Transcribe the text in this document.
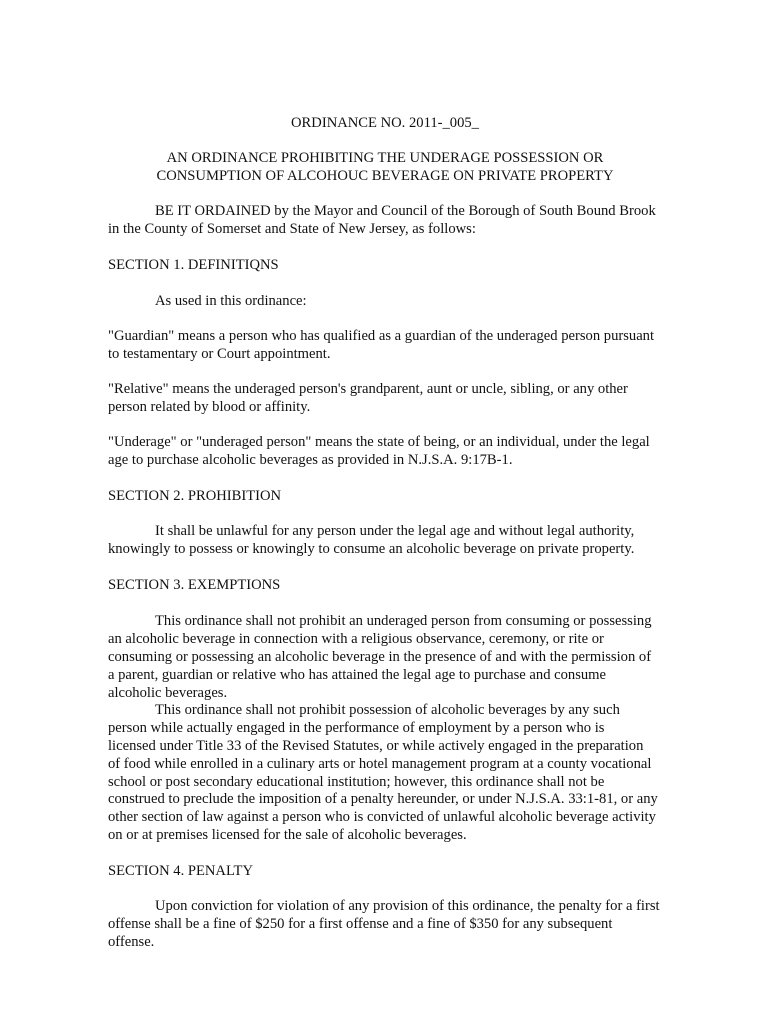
ORDINANCE NO. 2011-_005_

AN ORDINANCE PROHIBITING THE UNDERAGE POSSESSION OR

CONSUMPTION OF ALCOHOUC BEVERAGE ON PRIVATE PROPERTY

BE IT ORDAINED by the Mayor and Council of the Borough of South Bound Brook

in the County of Somerset and State of New Jersey, as follows:

SECTION 1. DEFINITIQNS

As used in this ordinance:

"Guardian" means a person who has qualified as a guardian of the underaged person pursuant

to testamentary or Court appointment.

"Relative" means the underaged person's grandparent, aunt or uncle, sibling, or any other

person related by blood or affinity.

"Underage" or "underaged person" means the state of being, or an individual, under the legal

age to purchase alcoholic beverages as provided in N.J.S.A. 9:17B-1.

SECTION 2. PROHIBITION

It shall be unlawful for any person under the legal age and without legal authority,

knowingly to possess or knowingly to consume an alcoholic beverage on private property.

SECTION 3. EXEMPTIONS

This ordinance shall not prohibit an underaged person from consuming or possessing

an alcoholic beverage in connection with a religious observance, ceremony, or rite or

consuming or possessing an alcoholic beverage in the presence of and with the permission of

a parent, guardian or relative who has attained the legal age to purchase and consume

alcoholic beverages.

This ordinance shall not prohibit possession of alcoholic beverages by any such

person while actually engaged in the performance of employment by a person who is

licensed under Title 33 of the Revised Statutes, or while actively engaged in the preparation

of food while enrolled in a culinary arts or hotel management program at a county vocational

school or post secondary educational institution; however, this ordinance shall not be

construed to preclude the imposition of a penalty hereunder, or under N.J.S.A. 33:1-81, or any

other section of law against a person who is convicted of unlawful alcoholic beverage activity

on or at premises licensed for the sale of alcoholic beverages.

SECTION 4. PENALTY

Upon conviction for violation of any provision of this ordinance, the penalty for a first

offense shall be a fine of $250 for a first offense and a fine of $350 for any subsequent

offense.
